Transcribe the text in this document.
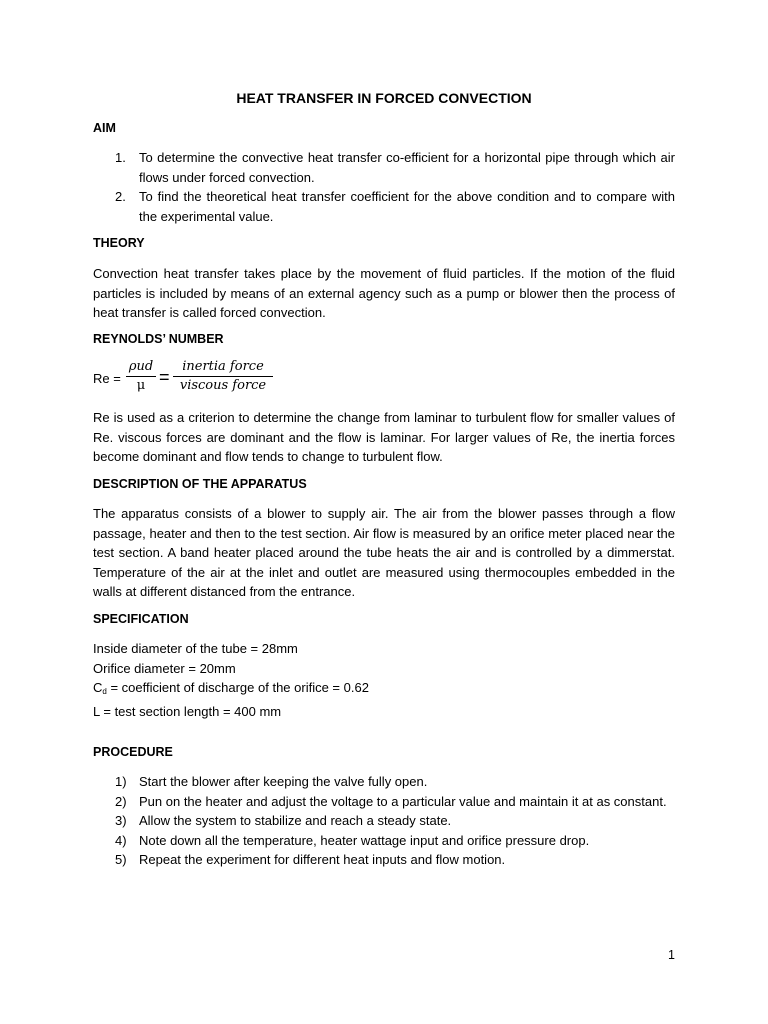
HEAT TRANSFER IN FORCED CONVECTION
AIM
1.	To determine the convective heat transfer co-efficient for a horizontal pipe through which air flows under forced convection.
2.	To find the theoretical heat transfer coefficient for the above condition and to compare with the experimental value.
THEORY
Convection heat transfer takes place by the movement of fluid particles. If the motion of the fluid particles is included by means of an external agency such as a pump or blower then the process of heat transfer is called forced convection.
REYNOLDS’ NUMBER
Re =
ρud
μ =
inertia force
viscous force
Re is used as a criterion to determine the change from laminar to turbulent flow for smaller values of Re. viscous forces are dominant and the flow is laminar. For larger values of Re, the inertia forces become dominant and flow tends to change to turbulent flow.
DESCRIPTION OF THE APPARATUS
The apparatus consists of a blower to supply air. The air from the blower passes through a flow passage, heater and then to the test section. Air flow is measured by an orifice meter placed near the test section. A band heater placed around the tube heats the air and is controlled by a dimmerstat. Temperature of the air at the inlet and outlet are measured using thermocouples embedded in the walls at different distanced from the entrance.
SPECIFICATION
Inside diameter of the tube = 28mm
Orifice diameter = 20mm
$C_d$ = coefficient of discharge of the orifice = 0.62
L = test section length = 400 mm
PROCEDURE
1) Start the blower after keeping the valve fully open.
2) Pun on the heater and adjust the voltage to a particular value and maintain it at as constant.
3) Allow the system to stabilize and reach a steady state.
4) Note down all the temperature, heater wattage input and orifice pressure drop.
5) Repeat the experiment for different heat inputs and flow motion.
1
